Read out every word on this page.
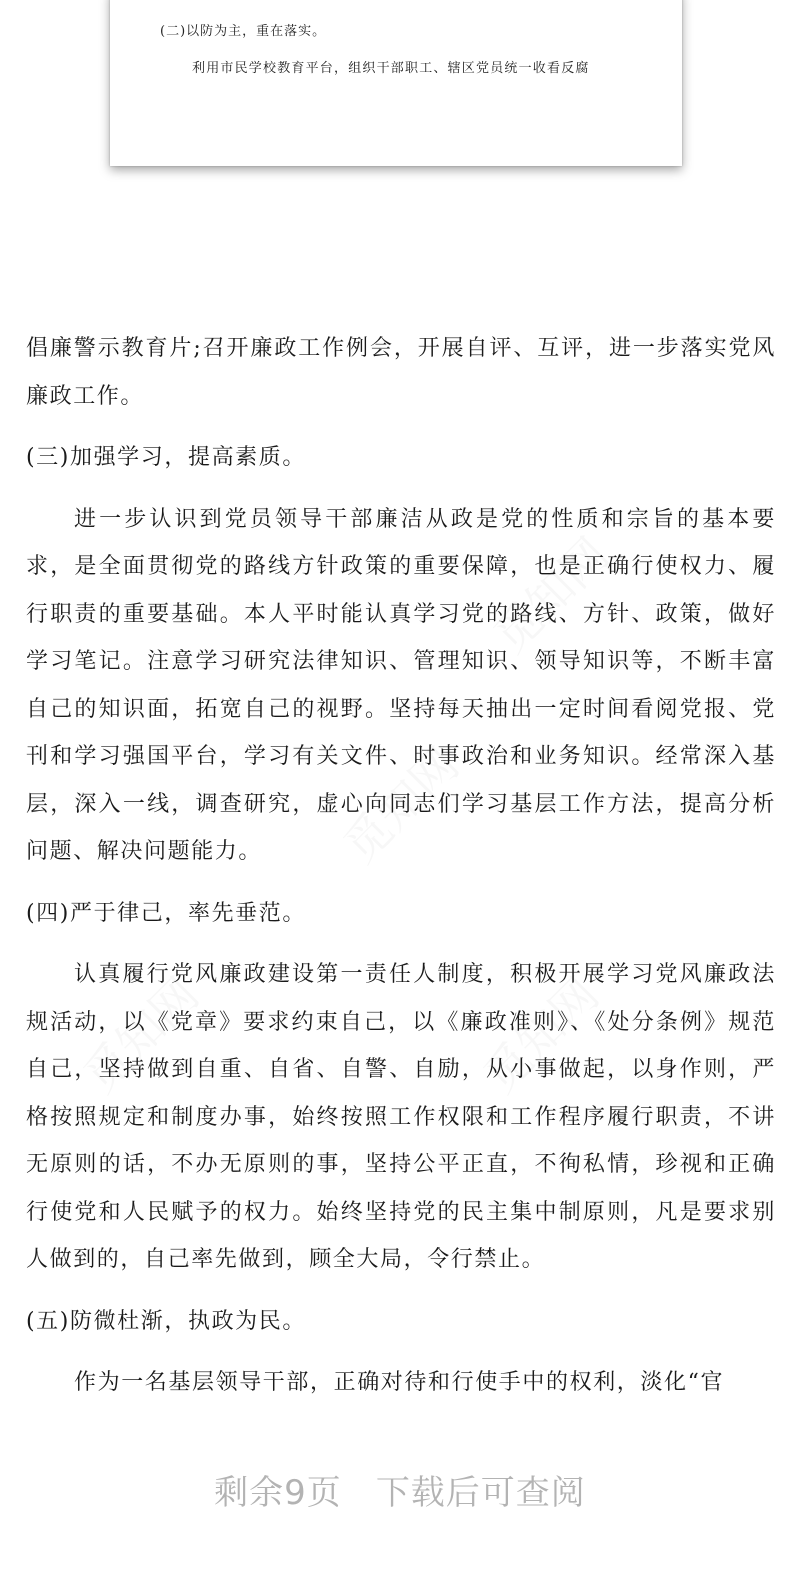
觅知网
觅知网
觅知网
觅知网
(二)以防为主，重在落实。
利用市民学校教育平台，组织干部职工、辖区党员统一收看反腐

倡廉警示教育片;召开廉政工作例会，开展自评、互评，进一步落实党风廉政工作。

(三)加强学习，提高素质。

进一步认识到党员领导干部廉洁从政是党的性质和宗旨的基本要求，是全面贯彻党的路线方针政策的重要保障，也是正确行使权力、履行职责的重要基础。本人平时能认真学习党的路线、方针、政策，做好学习笔记。注意学习研究法律知识、管理知识、领导知识等，不断丰富自己的知识面，拓宽自己的视野。坚持每天抽出一定时间看阅党报、党刊和学习强国平台，学习有关文件、时事政治和业务知识。经常深入基层，深入一线，调查研究，虚心向同志们学习基层工作方法，提高分析问题、解决问题能力。

(四)严于律己，率先垂范。

认真履行党风廉政建设第一责任人制度，积极开展学习党风廉政法规活动，以《党章》要求约束自己，以《廉政准则》、《处分条例》规范自己，坚持做到自重、自省、自警、自励，从小事做起，以身作则，严格按照规定和制度办事，始终按照工作权限和工作程序履行职责，不讲无原则的话，不办无原则的事，坚持公平正直，不徇私情，珍视和正确行使党和人民赋予的权力。始终坚持党的民主集中制原则，凡是要求别人做到的，自己率先做到，顾全大局，令行禁止。

(五)防微杜渐，执政为民。

作为一名基层领导干部，正确对待和行使手中的权利，淡化“官

剩余9页 下载后可查阅
